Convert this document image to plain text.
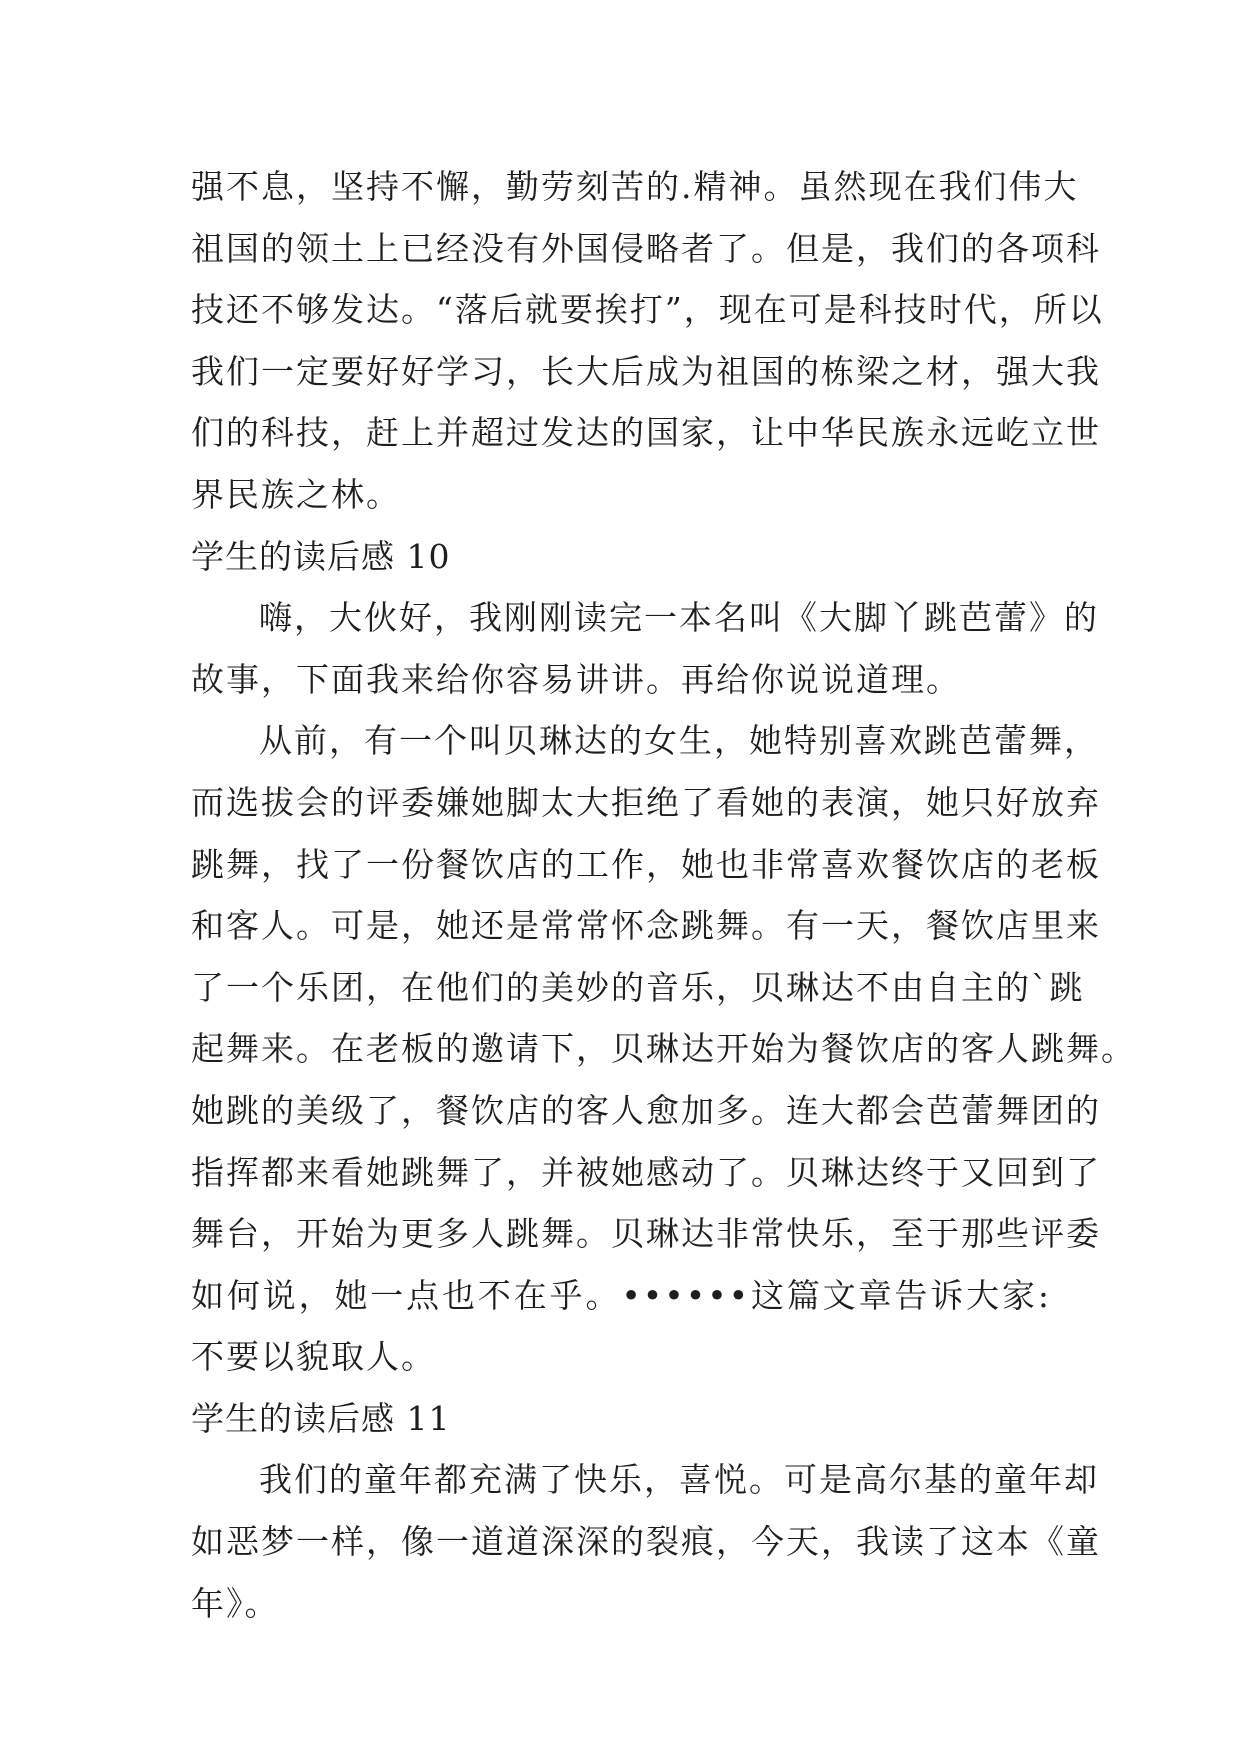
强不息，坚持不懈，勤劳刻苦的.精神。虽然现在我们伟大
祖国的领土上已经没有外国侵略者了。但是，我们的各项科
技还不够发达。“落后就要挨打”，现在可是科技时代，所以
我们一定要好好学习，长大后成为祖国的栋梁之材，强大我
们的科技，赶上并超过发达的国家，让中华民族永远屹立世
界民族之林。
学生的读后感 10
嗨，大伙好，我刚刚读完一本名叫《大脚丫跳芭蕾》的
故事，下面我来给你容易讲讲。再给你说说道理。
从前，有一个叫贝琳达的女生，她特别喜欢跳芭蕾舞，
而选拔会的评委嫌她脚太大拒绝了看她的表演，她只好放弃
跳舞，找了一份餐饮店的工作，她也非常喜欢餐饮店的老板
和客人。可是，她还是常常怀念跳舞。有一天，餐饮店里来
了一个乐团，在他们的美妙的音乐，贝琳达不由自主的`跳
起舞来。在老板的邀请下，贝琳达开始为餐饮店的客人跳舞。
她跳的美级了，餐饮店的客人愈加多。连大都会芭蕾舞团的
指挥都来看她跳舞了，并被她感动了。贝琳达终于又回到了
舞台，开始为更多人跳舞。贝琳达非常快乐，至于那些评委
如何说，她一点也不在乎。••••••这篇文章告诉大家:
不要以貌取人。
学生的读后感 11
我们的童年都充满了快乐，喜悦。可是高尔基的童年却
如恶梦一样，像一道道深深的裂痕，今天，我读了这本《童
年》。
